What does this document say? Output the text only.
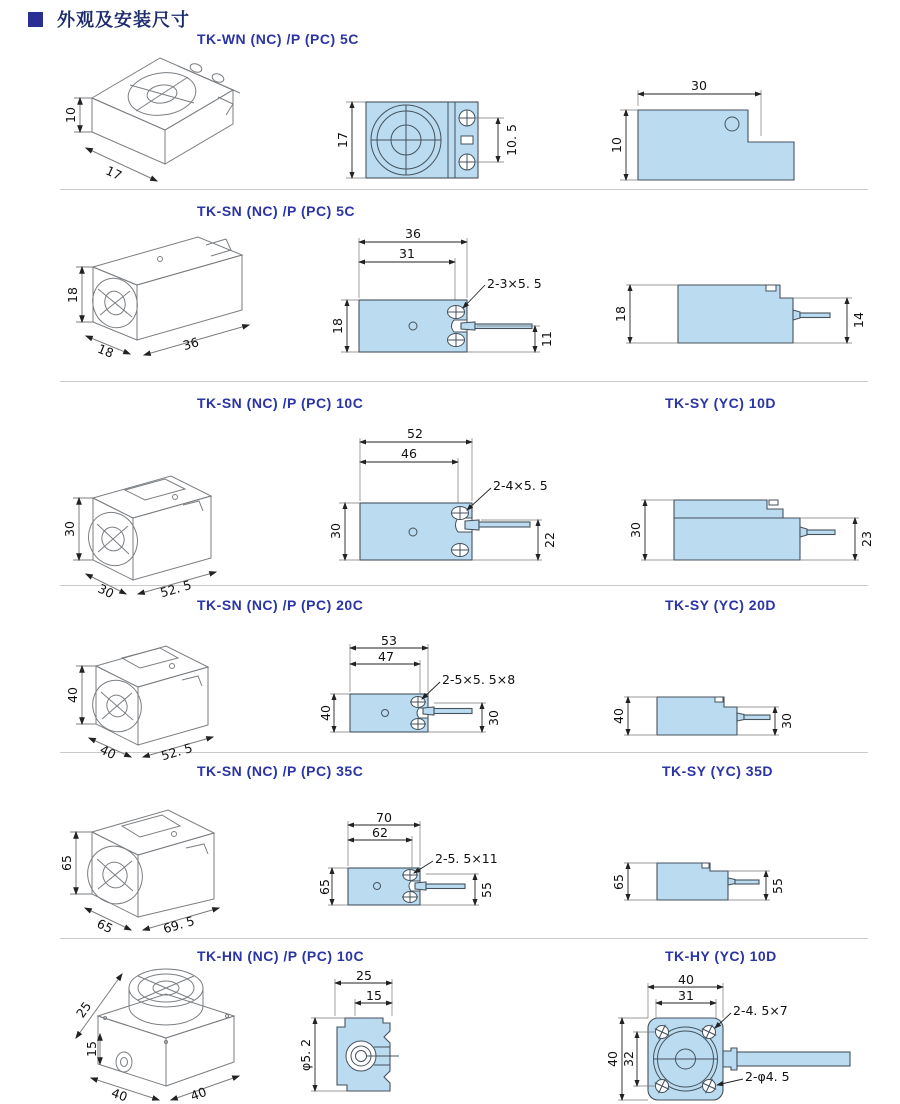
外观及安装尺寸
TK-WN (NC) /P (PC) 5C
TK-SN (NC) /P (PC) 5C
TK-SN (NC) /P (PC) 10C	TK-SY (YC) 10D
TK-SN (NC) /P (PC) 20C	TK-SY (YC) 20D
TK-SN (NC) /P (PC) 35C	TK-SY (YC) 35D
TK-HN (NC) /P (PC) 10C	TK-HY (YC) 10D
10
17
17	10. 5
30
10
18
18	36
36
31
2-3×5. 5
18
11
18	14
30
30	52. 5
52
46
2-4×5. 5
30
22
30
23
40
40	52. 5
53
47
2-5×5. 5×8
40	30	40	30
65
65	69. 5
70
62
2-5. 5×11
65	55
65	55
25
15
40	40
25
15
φ5. 2
40
31
2-4. 5×7
2-φ4. 5
40 32
